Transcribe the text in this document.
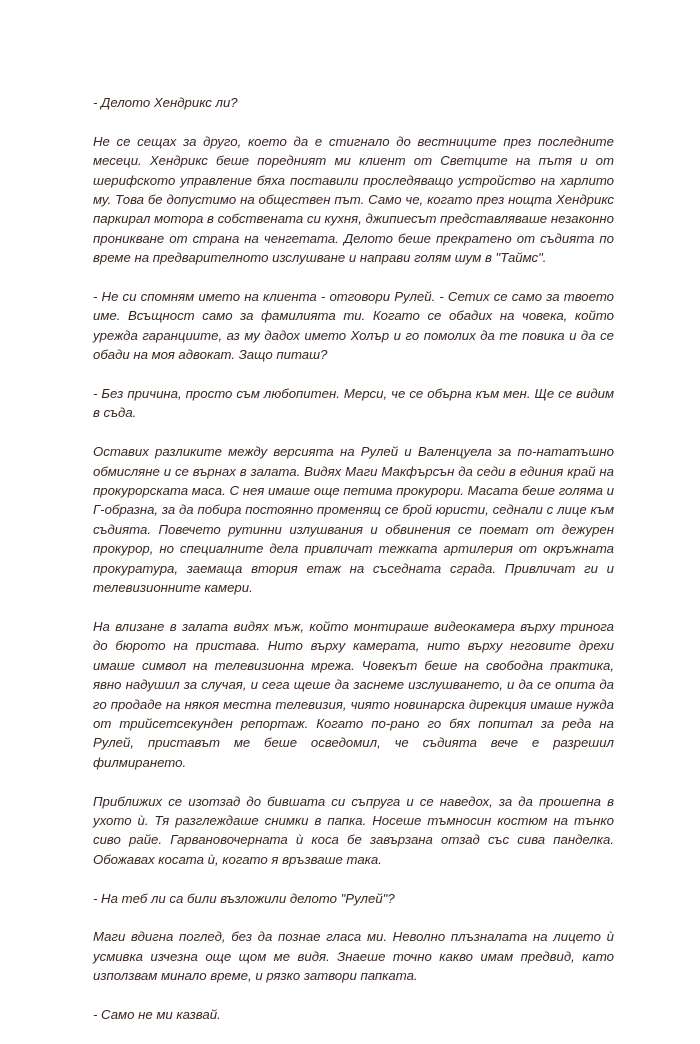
- Делото Хендрикс ли?

Не се сещах за друго, което да е стигнало до вестниците през последните месеци. Хендрикс беше поредният ми клиент от Светците на пътя и от шерифското управление бяха поставили проследяващо устройство на харлито му. Това бе допустимо на обществен път. Само че, когато през нощта Хендрикс паркирал мотора в собствената си кухня, джипиесът представляваше незаконно проникване от страна на ченгетата. Делото беше прекратено от съдията по време на предварителното изслушване и направи голям шум в "Таймс".

- Не си спомням името на клиента - отговори Рулей. - Сетих се само за твоето име. Всъщност само за фамилията ти. Когато се обадих на човека, който урежда гаранциите, аз му дадох името Холър и го помолих да те повика и да се обади на моя адвокат. Защо питаш?

- Без причина, просто съм любопитен. Мерси, че се обърна към мен. Ще се видим в съда.

Оставих разликите между версията на Рулей и Валенцуела за по-нататъшно обмисляне и се върнах в залата. Видях Маги Макфърсън да седи в единия край на прокурорската маса. С нея имаше още петима прокурори. Масата беше голяма и Г-образна, за да побира постоянно променящ се брой юристи, седнали с лице към съдията. Повечето рутинни излушвания и обвинения се поемат от дежурен прокурор, но специалните дела привличат тежката артилерия от окръжната прокуратура, заемаща втория етаж на съседната сграда. Привличат ги и телевизионните камери.

На влизане в залата видях мъж, който монтираше видеокамера върху тринога до бюрото на пристава. Нито върху камерата, нито върху неговите дрехи имаше символ на телевизионна мрежа. Човекът беше на свободна практика, явно надушил за случая, и сега щеше да заснеме изслушването, и да се опита да го продаде на някоя местна телевизия, чиято новинарска дирекция имаше нужда от трийсетсекунден репортаж. Когато по-рано го бях попитал за реда на Рулей, приставът ме беше осведомил, че съдията вече е разрешил филмирането.

Приближих се изотзад до бившата си съпруга и се наведох, за да прошепна в ухото ѝ. Тя разглеждаше снимки в папка. Носеше тъмносин костюм на тънко сиво райе. Гарвановочерната ѝ коса бе завързана отзад със сива панделка. Обожавах косата ѝ, когато я връзваше така.

- На теб ли са били възложили делото "Рулей"?

Маги вдигна поглед, без да познае гласа ми. Неволно плъзналата на лицето ѝ усмивка изчезна още щом ме видя. Знаеше точно какво имам предвид, като използвам минало време, и рязко затвори папката.

- Само не ми казвай.
